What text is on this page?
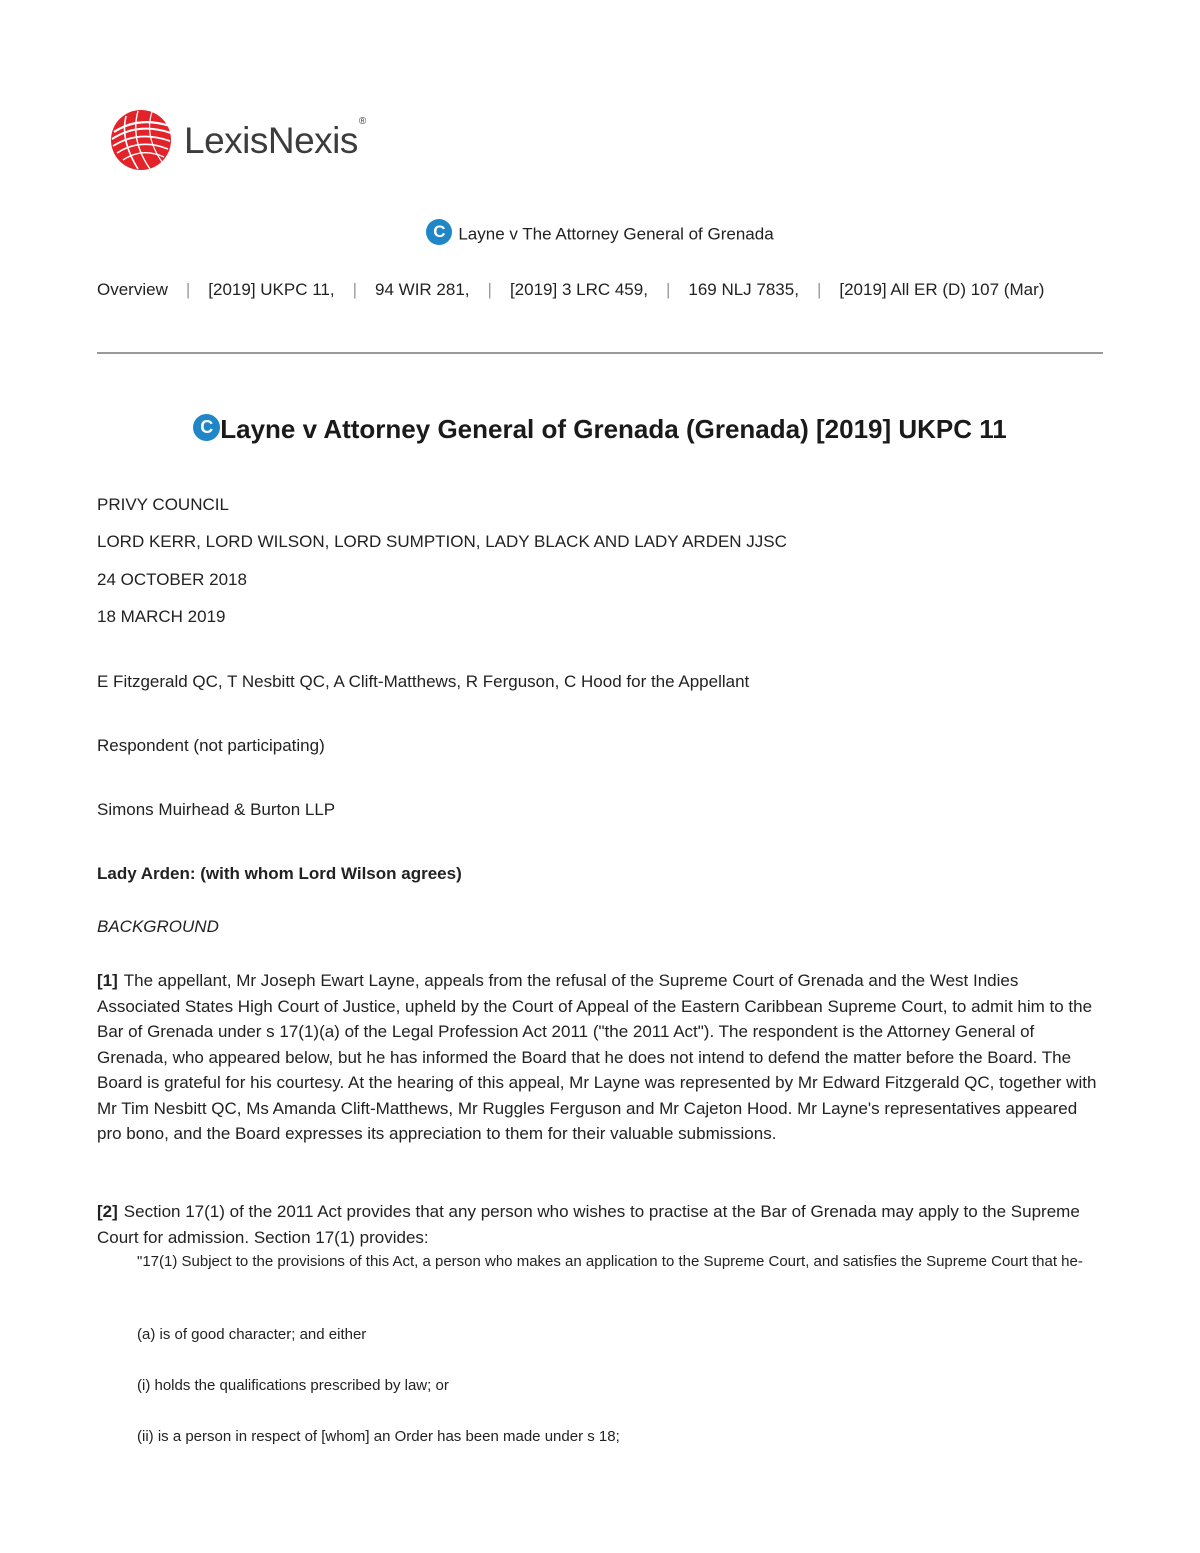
LexisNexis®
C Layne v The Attorney General of Grenada
Overview | [2019] UKPC 11, | 94 WIR 281, | [2019] 3 LRC 459, | 169 NLJ 7835, | [2019] All ER (D) 107 (Mar)
C Layne v Attorney General of Grenada (Grenada) [2019] UKPC 11
PRIVY COUNCIL
LORD KERR, LORD WILSON, LORD SUMPTION, LADY BLACK AND LADY ARDEN JJSC
24 OCTOBER 2018
18 MARCH 2019
E Fitzgerald QC, T Nesbitt QC, A Clift-Matthews, R Ferguson, C Hood for the Appellant
Respondent (not participating)
Simons Muirhead & Burton LLP
Lady Arden: (with whom Lord Wilson agrees)
BACKGROUND
[1] The appellant, Mr Joseph Ewart Layne, appeals from the refusal of the Supreme Court of Grenada and the West Indies Associated States High Court of Justice, upheld by the Court of Appeal of the Eastern Caribbean Supreme Court, to admit him to the Bar of Grenada under s 17(1)(a) of the Legal Profession Act 2011 ("the 2011 Act"). The respondent is the Attorney General of Grenada, who appeared below, but he has informed the Board that he does not intend to defend the matter before the Board. The Board is grateful for his courtesy. At the hearing of this appeal, Mr Layne was represented by Mr Edward Fitzgerald QC, together with Mr Tim Nesbitt QC, Ms Amanda Clift-Matthews, Mr Ruggles Ferguson and Mr Cajeton Hood. Mr Layne's representatives appeared pro bono, and the Board expresses its appreciation to them for their valuable submissions.
[2] Section 17(1) of the 2011 Act provides that any person who wishes to practise at the Bar of Grenada may apply to the Supreme Court for admission. Section 17(1) provides:
"17(1) Subject to the provisions of this Act, a person who makes an application to the Supreme Court, and satisfies the Supreme Court that he-
(a) is of good character; and either
(i) holds the qualifications prescribed by law; or
(ii) is a person in respect of [whom] an Order has been made under s 18;
